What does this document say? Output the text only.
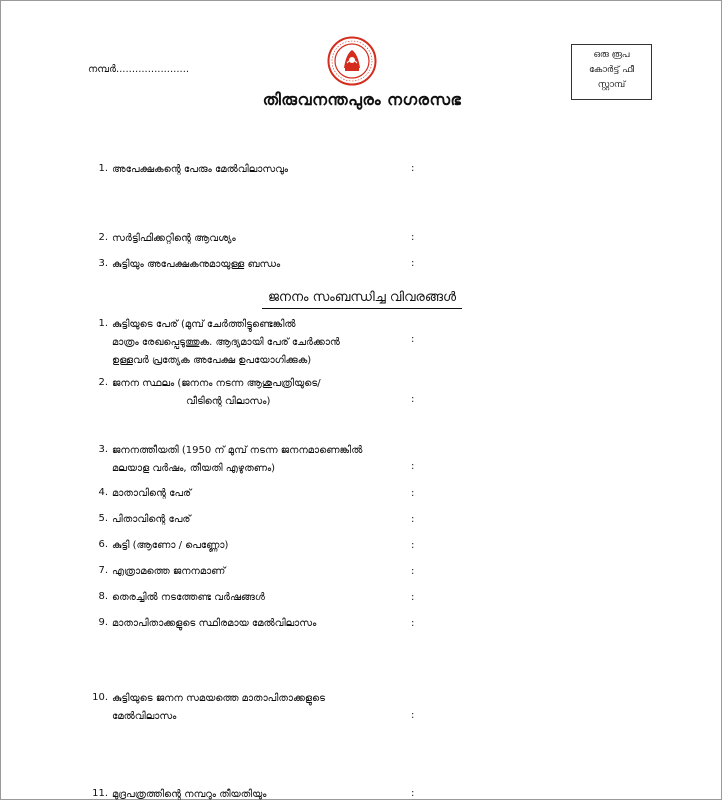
നമ്പർ.......................
ഒരു രൂപ
കോർട്ട് ഫീ
സ്റ്റാമ്പ്
തിരുവനന്തപുരം നഗരസഭ
1. അപേക്ഷകന്റെ പേരും മേൽവിലാസവും	:
2. സർട്ടിഫിക്കറ്റിന്റെ ആവശ്യം	:
3. കുട്ടിയും അപേക്ഷകനുമായുള്ള ബന്ധം	:
ജനനം സംബന്ധിച്ച വിവരങ്ങൾ
1. കുട്ടിയുടെ പേര് (മുമ്പ് ചേർത്തിട്ടുണ്ടെങ്കിൽ
മാത്രം രേഖപ്പെടുത്തുക. ആദ്യമായി പേര് ചേർക്കാൻ
ഉള്ളവർ പ്രത്യേക അപേക്ഷ ഉപയോഗിക്കുക)
:
2. ജനന സ്ഥലം (ജനനം നടന്ന ആശുപത്രിയുടെ/
വീടിന്റെ വിലാസം)	:
3. ജനനത്തീയതി (1950 ന് മുമ്പ് നടന്ന ജനനമാണെങ്കിൽ
മലയാള വർഷം, തീയതി എഴുതണം)	:
4. മാതാവിന്റെ പേര്	:
5. പിതാവിന്റെ പേര്	:
6. കുട്ടി (ആണോ / പെണ്ണോ)	:
7. എത്രാമത്തെ ജനനമാണ്	:
8. തെരച്ചിൽ നടത്തേണ്ട വർഷങ്ങൾ	:
9. മാതാപിതാക്കളുടെ സ്ഥിരമായ മേൽവിലാസം	:
10. കുട്ടിയുടെ ജനന സമയത്തെ മാതാപിതാക്കളുടെ
മേൽവിലാസം	:
11. മുദ്രപത്രത്തിന്റെ നമ്പറും തീയതിയും	:
